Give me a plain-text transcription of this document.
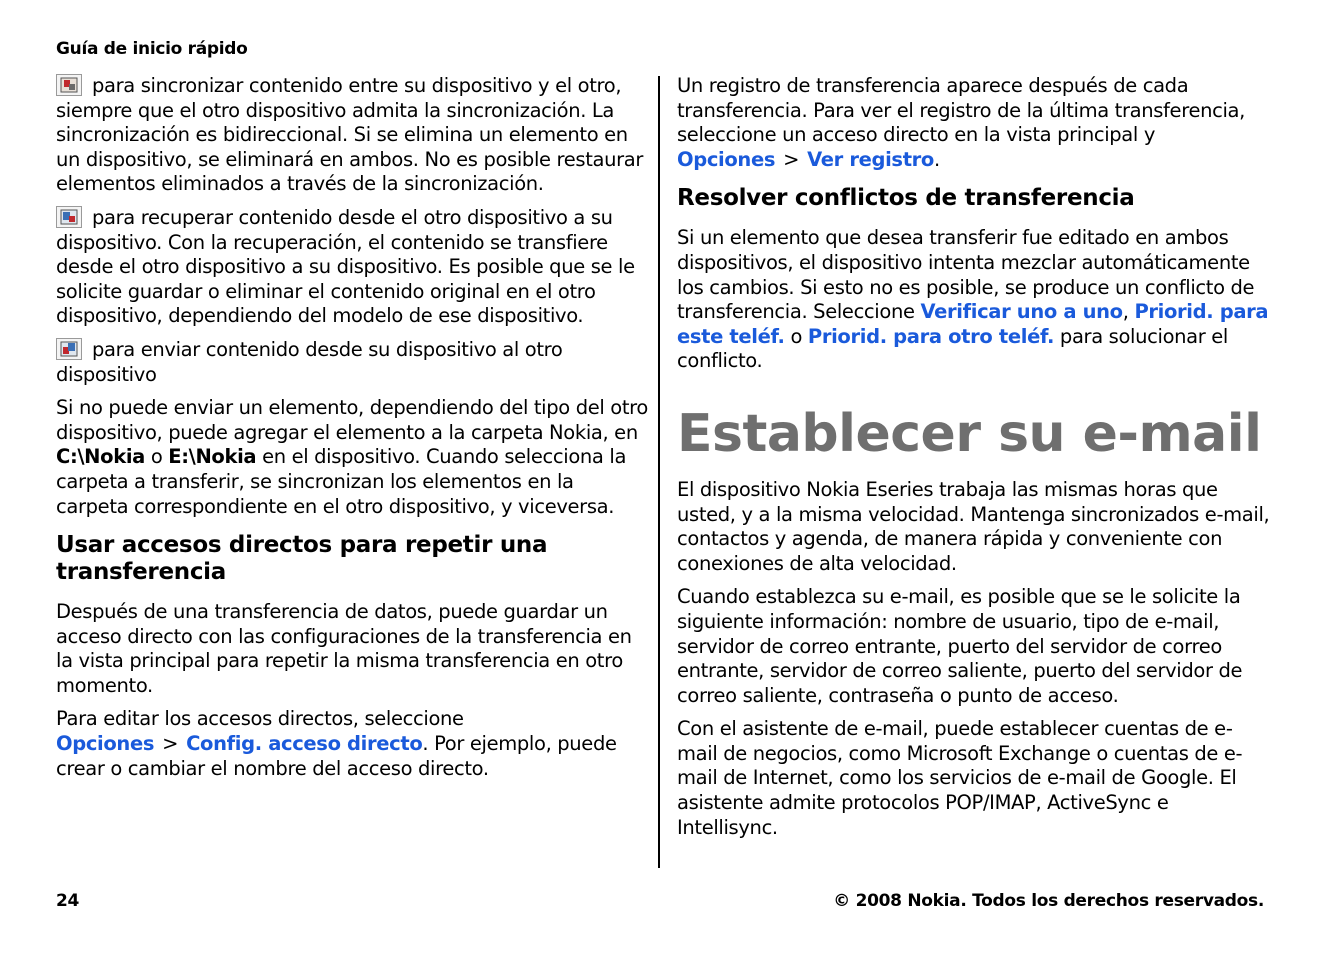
Guía de inicio rápido

para sincronizar contenido entre su dispositivo y el otro, siempre que el otro dispositivo admita la sincronización. La sincronización es bidireccional. Si se elimina un elemento en un dispositivo, se eliminará en ambos. No es posible restaurar elementos eliminados a través de la sincronización.

para recuperar contenido desde el otro dispositivo a su dispositivo. Con la recuperación, el contenido se transfiere desde el otro dispositivo a su dispositivo. Es posible que se le solicite guardar o eliminar el contenido original en el otro dispositivo, dependiendo del modelo de ese dispositivo.

para enviar contenido desde su dispositivo al otro dispositivo

Si no puede enviar un elemento, dependiendo del tipo del otro dispositivo, puede agregar el elemento a la carpeta Nokia, en C:\Nokia o E:\Nokia en el dispositivo. Cuando selecciona la carpeta a transferir, se sincronizan los elementos en la carpeta correspondiente en el otro dispositivo, y viceversa.

Usar accesos directos para repetir una transferencia

Después de una transferencia de datos, puede guardar un acceso directo con las configuraciones de la transferencia en la vista principal para repetir la misma transferencia en otro momento.

Para editar los accesos directos, seleccione Opciones > Config. acceso directo. Por ejemplo, puede crear o cambiar el nombre del acceso directo.

Un registro de transferencia aparece después de cada transferencia. Para ver el registro de la última transferencia, seleccione un acceso directo en la vista principal y Opciones > Ver registro.

Resolver conflictos de transferencia

Si un elemento que desea transferir fue editado en ambos dispositivos, el dispositivo intenta mezclar automáticamente los cambios. Si esto no es posible, se produce un conflicto de transferencia. Seleccione Verificar uno a uno, Priorid. para este teléf. o Priorid. para otro teléf. para solucionar el conflicto.

Establecer su e-mail

El dispositivo Nokia Eseries trabaja las mismas horas que usted, y a la misma velocidad. Mantenga sincronizados e-mail, contactos y agenda, de manera rápida y conveniente con conexiones de alta velocidad.

Cuando establezca su e-mail, es posible que se le solicite la siguiente información: nombre de usuario, tipo de e-mail, servidor de correo entrante, puerto del servidor de correo entrante, servidor de correo saliente, puerto del servidor de correo saliente, contraseña o punto de acceso.

Con el asistente de e-mail, puede establecer cuentas de e-mail de negocios, como Microsoft Exchange o cuentas de e-mail de Internet, como los servicios de e-mail de Google. El asistente admite protocolos POP/IMAP, ActiveSync e Intellisync.

24	© 2008 Nokia. Todos los derechos reservados.
